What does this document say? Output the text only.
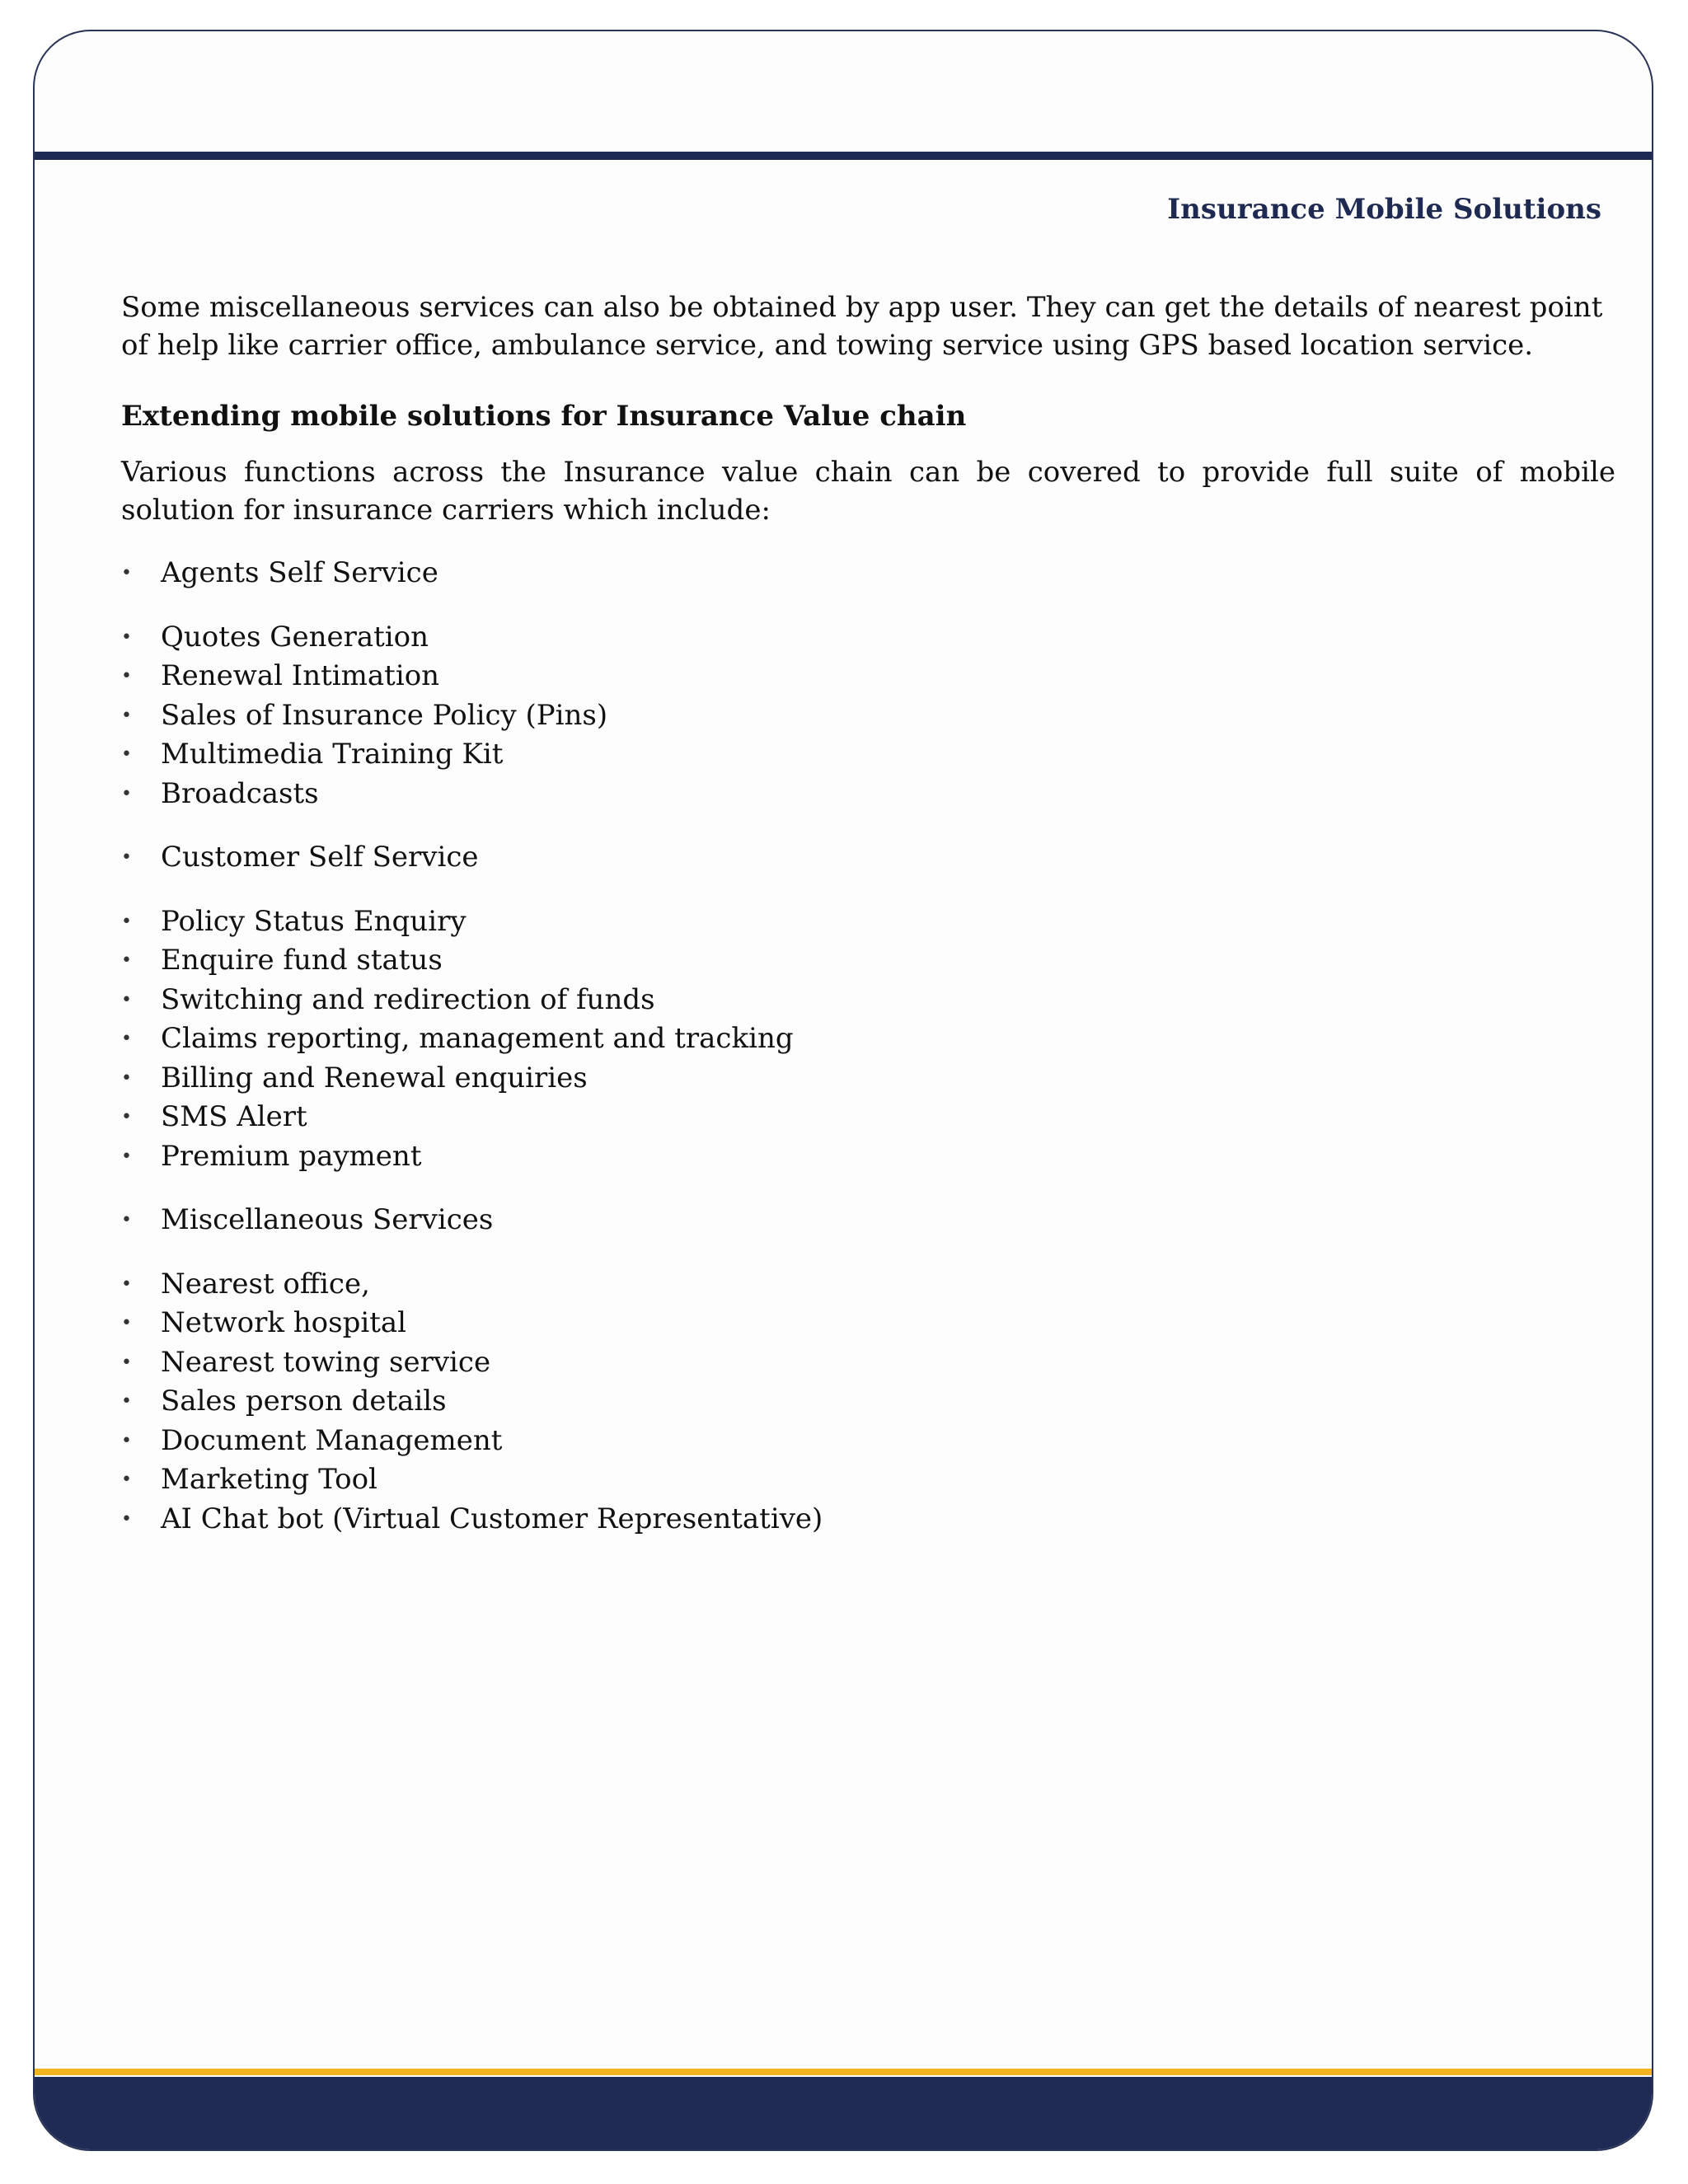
Insurance Mobile Solutions

Some miscellaneous services can also be obtained by app user. They can get the details of nearest point of help like carrier office, ambulance service, and towing service using GPS based location service.

Extending mobile solutions for Insurance Value chain

Various functions across the Insurance value chain can be covered to provide full suite of mobile solution for insurance carriers which include:

• Agents Self Service
• Quotes Generation
• Renewal Intimation
• Sales of Insurance Policy (Pins)
• Multimedia Training Kit
• Broadcasts
• Customer Self Service
• Policy Status Enquiry
• Enquire fund status
• Switching and redirection of funds
• Claims reporting, management and tracking
• Billing and Renewal enquiries
• SMS Alert
• Premium payment
• Miscellaneous Services
• Nearest office,
• Network hospital
• Nearest towing service
• Sales person details
• Document Management
• Marketing Tool
• AI Chat bot (Virtual Customer Representative)
